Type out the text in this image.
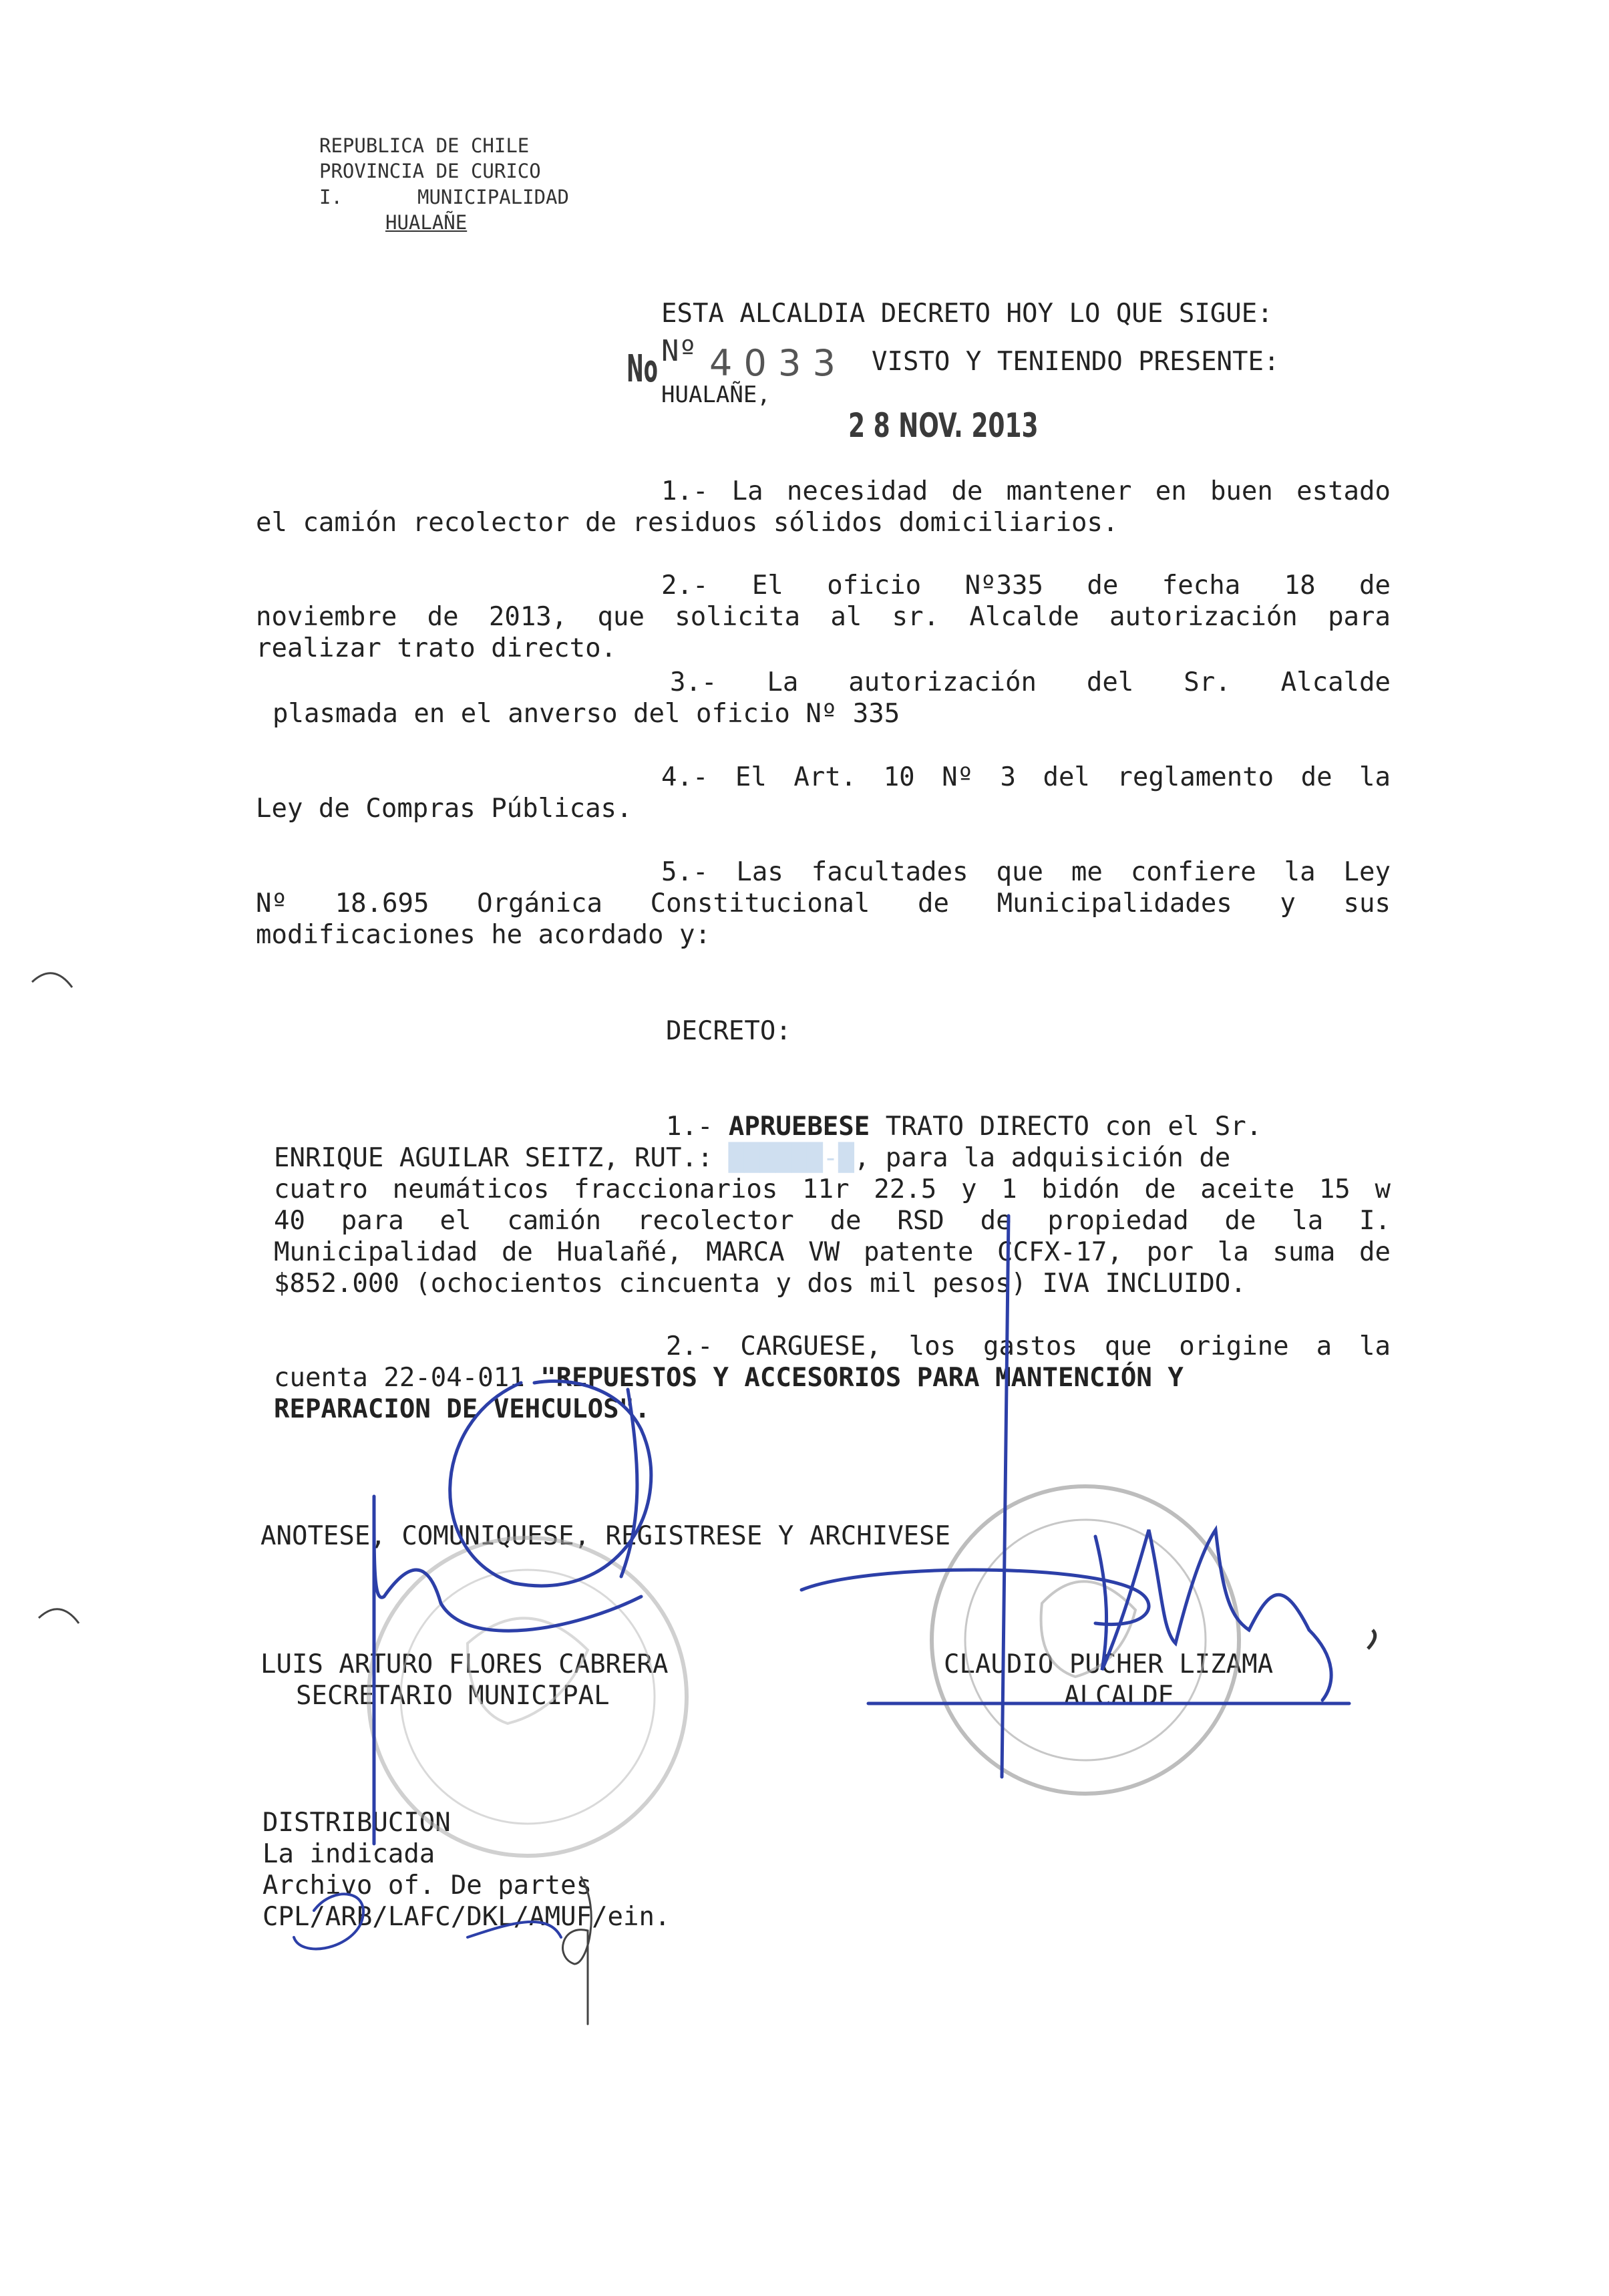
REPUBLICA DE CHILE
PROVINCIA DE CURICO
I.	MUNICIPALIDAD
HUALAÑE
ESTA ALCALDIA DECRETO HOY LO QUE SIGUE:
No Nº 4 0 3 3 VISTO Y TENIENDO PRESENTE:
HUALAÑE,
2 8 NOV. 2013
1.- La necesidad de mantener en buen estado
el camión recolector de residuos sólidos domiciliarios.
2.- El oficio Nº335 de fecha 18 de
noviembre de 2013, que solicita al sr. Alcalde autorización para
realizar trato directo.
3.- La autorización del Sr. Alcalde
plasmada en el anverso del oficio Nº 335
4.- El Art. 10 Nº 3 del reglamento de la
Ley de Compras Públicas.
5.- Las facultades que me confiere la Ley
Nº 18.695 Orgánica Constitucional de Municipalidades y sus
modificaciones he acordado y:
DECRETO:
1.- APRUEBESE TRATO DIRECTO con el Sr.
ENRIQUE AGUILAR SEITZ, RUT.: ██████-█, para la adquisición de
cuatro neumáticos fraccionarios 11r 22.5 y 1 bidón de aceite 15 w
40 para el camión recolector de RSD de propiedad de la I.
Municipalidad de Hualañé, MARCA VW patente CCFX-17, por la suma de
$852.000 (ochocientos cincuenta y dos mil pesos) IVA INCLUIDO.
2.- CARGUESE, los gastos que origine a la
cuenta 22-04-011 "REPUESTOS Y ACCESORIOS PARA MANTENCIÓN Y
REPARACION DE VEHCULOS".
ANOTESE, COMUNIQUESE, REGISTRESE Y ARCHIVESE
LUIS ARTURO FLORES CABRERA
SECRETARIO MUNICIPAL
CLAUDIO PUCHER LIZAMA
ALCALDE
DISTRIBUCION
La indicada
Archivo of. De partes
CPL/ARB/LAFC/DKL/AMUF/ein.
